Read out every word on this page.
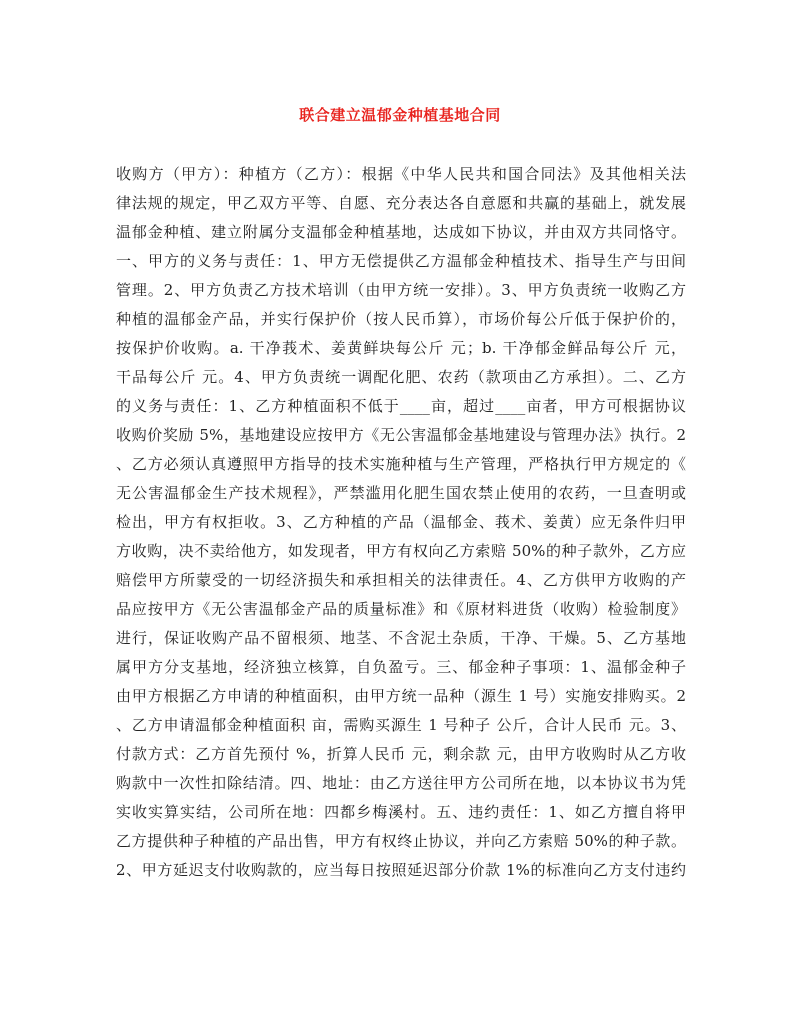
联合建立温郁金种植基地合同
收购方（甲方）：种植方（乙方）：根据《中华人民共和国合同法》及其他相关法
律法规的规定，甲乙双方平等、自愿、充分表达各自意愿和共赢的基础上，就发展
温郁金种植、建立附属分支温郁金种植基地，达成如下协议，并由双方共同恪守。
一、甲方的义务与责任：1、甲方无偿提供乙方温郁金种植技术、指导生产与田间
管理。2、甲方负责乙方技术培训（由甲方统一安排）。3、甲方负责统一收购乙方
种植的温郁金产品，并实行保护价（按人民币算），市场价每公斤低于保护价的，
按保护价收购。a. 干净莪术、姜黄鲜块每公斤 元；b. 干净郁金鲜品每公斤 元，
干品每公斤 元。4、甲方负责统一调配化肥、农药（款项由乙方承担）。二、乙方
的义务与责任：1、乙方种植面积不低于____亩，超过____亩者，甲方可根据协议
收购价奖励 5%，基地建设应按甲方《无公害温郁金基地建设与管理办法》执行。2
、乙方必须认真遵照甲方指导的技术实施种植与生产管理，严格执行甲方规定的《
无公害温郁金生产技术规程》，严禁滥用化肥生国农禁止使用的农药，一旦查明或
检出，甲方有权拒收。3、乙方种植的产品（温郁金、莪术、姜黄）应无条件归甲
方收购，决不卖给他方，如发现者，甲方有权向乙方索赔 50%的种子款外，乙方应
赔偿甲方所蒙受的一切经济损失和承担相关的法律责任。4、乙方供甲方收购的产
品应按甲方《无公害温郁金产品的质量标准》和《原材料进货（收购）检验制度》
进行，保证收购产品不留根须、地茎、不含泥土杂质，干净、干燥。5、乙方基地
属甲方分支基地，经济独立核算，自负盈亏。三、郁金种子事项：1、温郁金种子
由甲方根据乙方申请的种植面积，由甲方统一品种（源生 1 号）实施安排购买。2
、乙方申请温郁金种植面积 亩，需购买源生 1 号种子 公斤，合计人民币 元。3、
付款方式：乙方首先预付 %，折算人民币 元，剩余款 元，由甲方收购时从乙方收
购款中一次性扣除结清。四、地址：由乙方送往甲方公司所在地，以本协议书为凭
实收实算实结，公司所在地：四都乡梅溪村。五、违约责任：1、如乙方擅自将甲
乙方提供种子种植的产品出售，甲方有权终止协议，并向乙方索赔 50%的种子款。
2、甲方延迟支付收购款的，应当每日按照延迟部分价款 1%的标准向乙方支付违约
